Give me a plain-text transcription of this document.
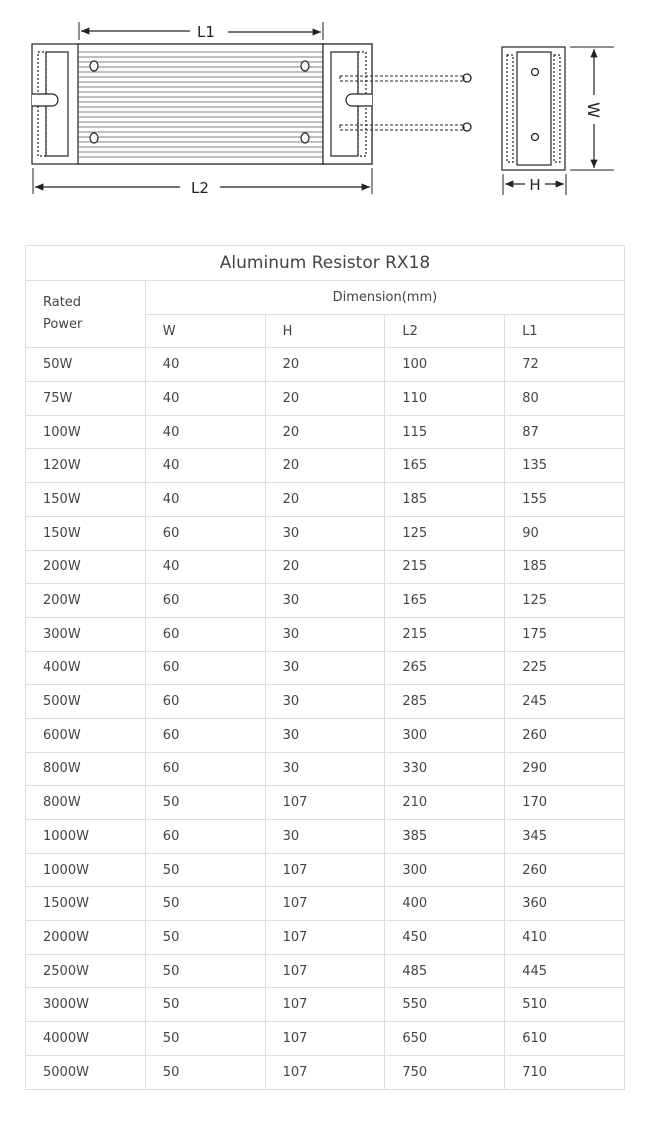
L1
L2
W
H
Aluminum Resistor RX18				
Rated
Power	Dimension(mm)			
	W	H	L2	L1
50W	40	20	100	72
75W	40	20	110	80
100W	40	20	115	87
120W	40	20	165	135
150W	40	20	185	155
150W	60	30	125	90
200W	40	20	215	185
200W	60	30	165	125
300W	60	30	215	175
400W	60	30	265	225
500W	60	30	285	245
600W	60	30	300	260
800W	60	30	330	290
800W	50	107	210	170
1000W	60	30	385	345
1000W	50	107	300	260
1500W	50	107	400	360
2000W	50	107	450	410
2500W	50	107	485	445
3000W	50	107	550	510
4000W	50	107	650	610
5000W	50	107	750	710
